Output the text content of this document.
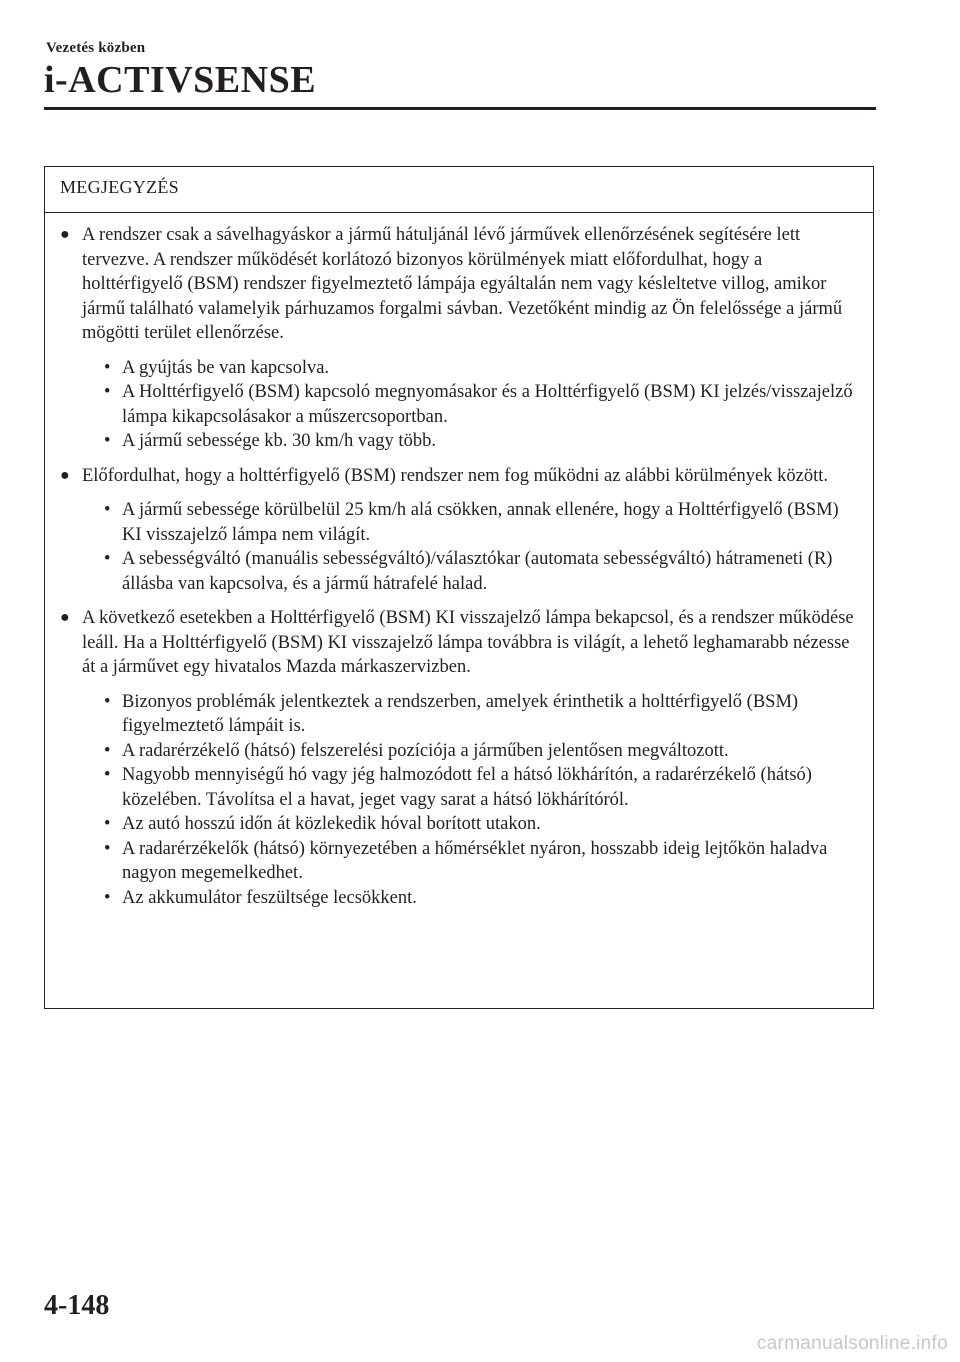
Vezetés közben
i-ACTIVSENSE
MEGJEGYZÉS
● A rendszer csak a sávelhagyáskor a jármű hátuljánál lévő járművek ellenőrzésének segítésére lett tervezve. A rendszer működését korlátozó bizonyos körülmények miatt előfordulhat, hogy a holttérfigyelő (BSM) rendszer figyelmeztető lámpája egyáltalán nem vagy késleltetve villog, amikor jármű található valamelyik párhuzamos forgalmi sávban. Vezetőként mindig az Ön felelőssége a jármű mögötti terület ellenőrzése.
• A gyújtás be van kapcsolva.
• A Holttérfigyelő (BSM) kapcsoló megnyomásakor és a Holttérfigyelő (BSM) KI jelzés/visszajelző lámpa kikapcsolásakor a műszercsoportban.
• A jármű sebessége kb. 30 km/h vagy több.
● Előfordulhat, hogy a holttérfigyelő (BSM) rendszer nem fog működni az alábbi körülmények között.
• A jármű sebessége körülbelül 25 km/h alá csökken, annak ellenére, hogy a Holttérfigyelő (BSM) KI visszajelző lámpa nem világít.
• A sebességváltó (manuális sebességváltó)/választókar (automata sebességváltó) hátrameneti (R) állásba van kapcsolva, és a jármű hátrafelé halad.
● A következő esetekben a Holttérfigyelő (BSM) KI visszajelző lámpa bekapcsol, és a rendszer működése leáll. Ha a Holttérfigyelő (BSM) KI visszajelző lámpa továbbra is világít, a lehető leghamarabb nézesse át a járművet egy hivatalos Mazda márkaszervizben.
• Bizonyos problémák jelentkeztek a rendszerben, amelyek érinthetik a holttérfigyelő (BSM) figyelmeztető lámpáit is.
• A radarérzékelő (hátsó) felszerelési pozíciója a járműben jelentősen megváltozott.
• Nagyobb mennyiségű hó vagy jég halmozódott fel a hátsó lökhárítón, a radarérzékelő (hátsó) közelében. Távolítsa el a havat, jeget vagy sarat a hátsó lökhárítóról.
• Az autó hosszú időn át közlekedik hóval borított utakon.
• A radarérzékelők (hátsó) környezetében a hőmérséklet nyáron, hosszabb ideig lejtőkön haladva nagyon megemelkedhet.
• Az akkumulátor feszültsége lecsökkent.
4-148
carmanualsonline.info
